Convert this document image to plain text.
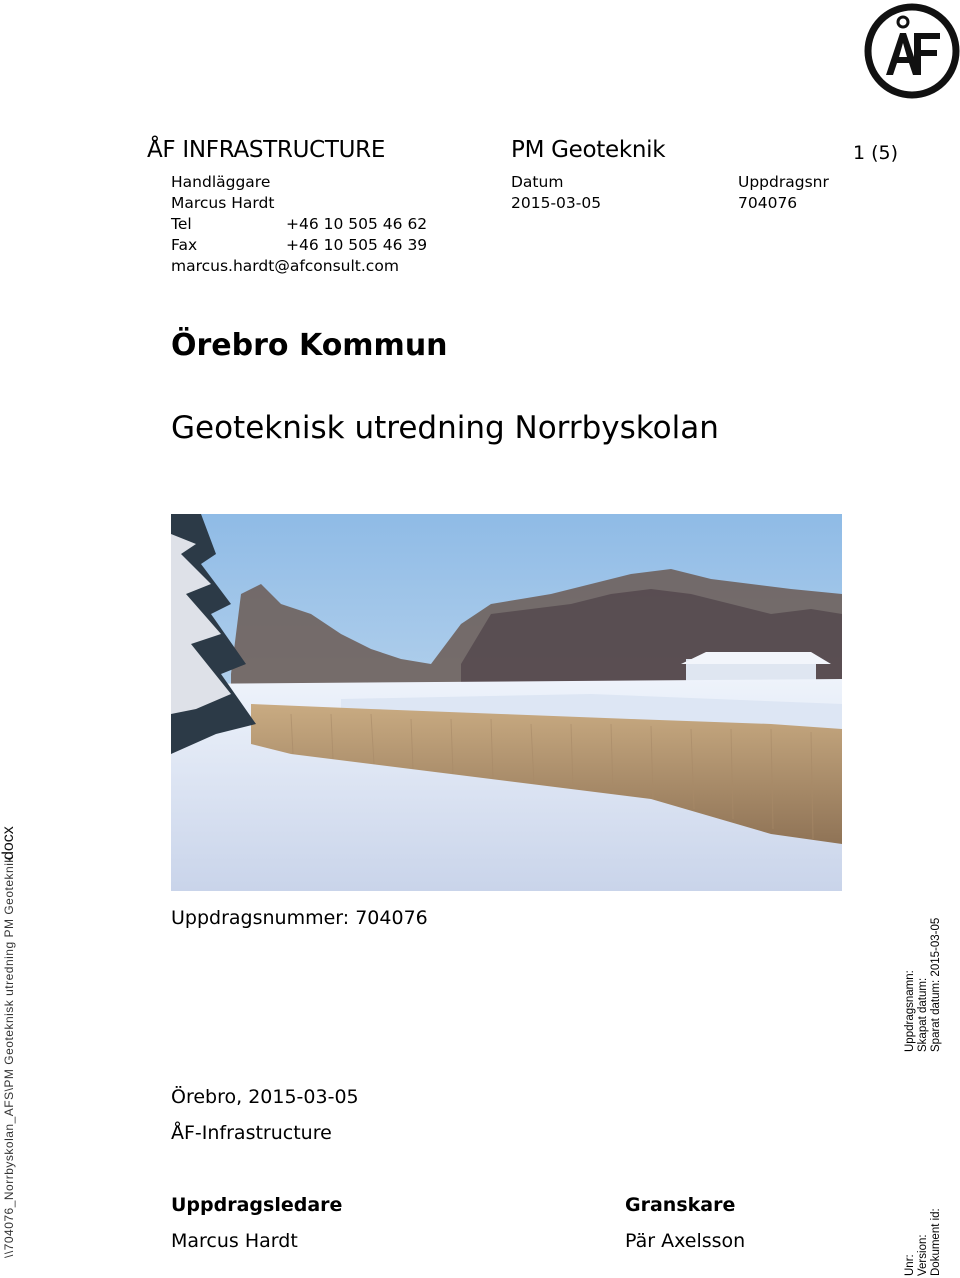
ÅF INFRASTRUCTURE	PM Geoteknik	1 (5)
Handläggare
Marcus Hardt
Tel	+46 10 505 46 62
Fax	+46 10 505 46 39
marcus.hardt@afconsult.com
Datum
2015-03-05
Uppdragsnr
704076
Örebro Kommun
Geoteknisk utredning Norrbyskolan
Uppdragsnummer: 704076
Örebro, 2015-03-05
ÅF-Infrastructure
Uppdragsledare
Marcus Hardt
Granskare
Pär Axelsson
Uppdragsnamn: Skapat datum: Sparat datum: 2015-03-05
Unr: Version: Dokument id:
\\704076_Norrbyskolan_AFS\PM Geoteknisk utredning PM Geoteknik
docx
